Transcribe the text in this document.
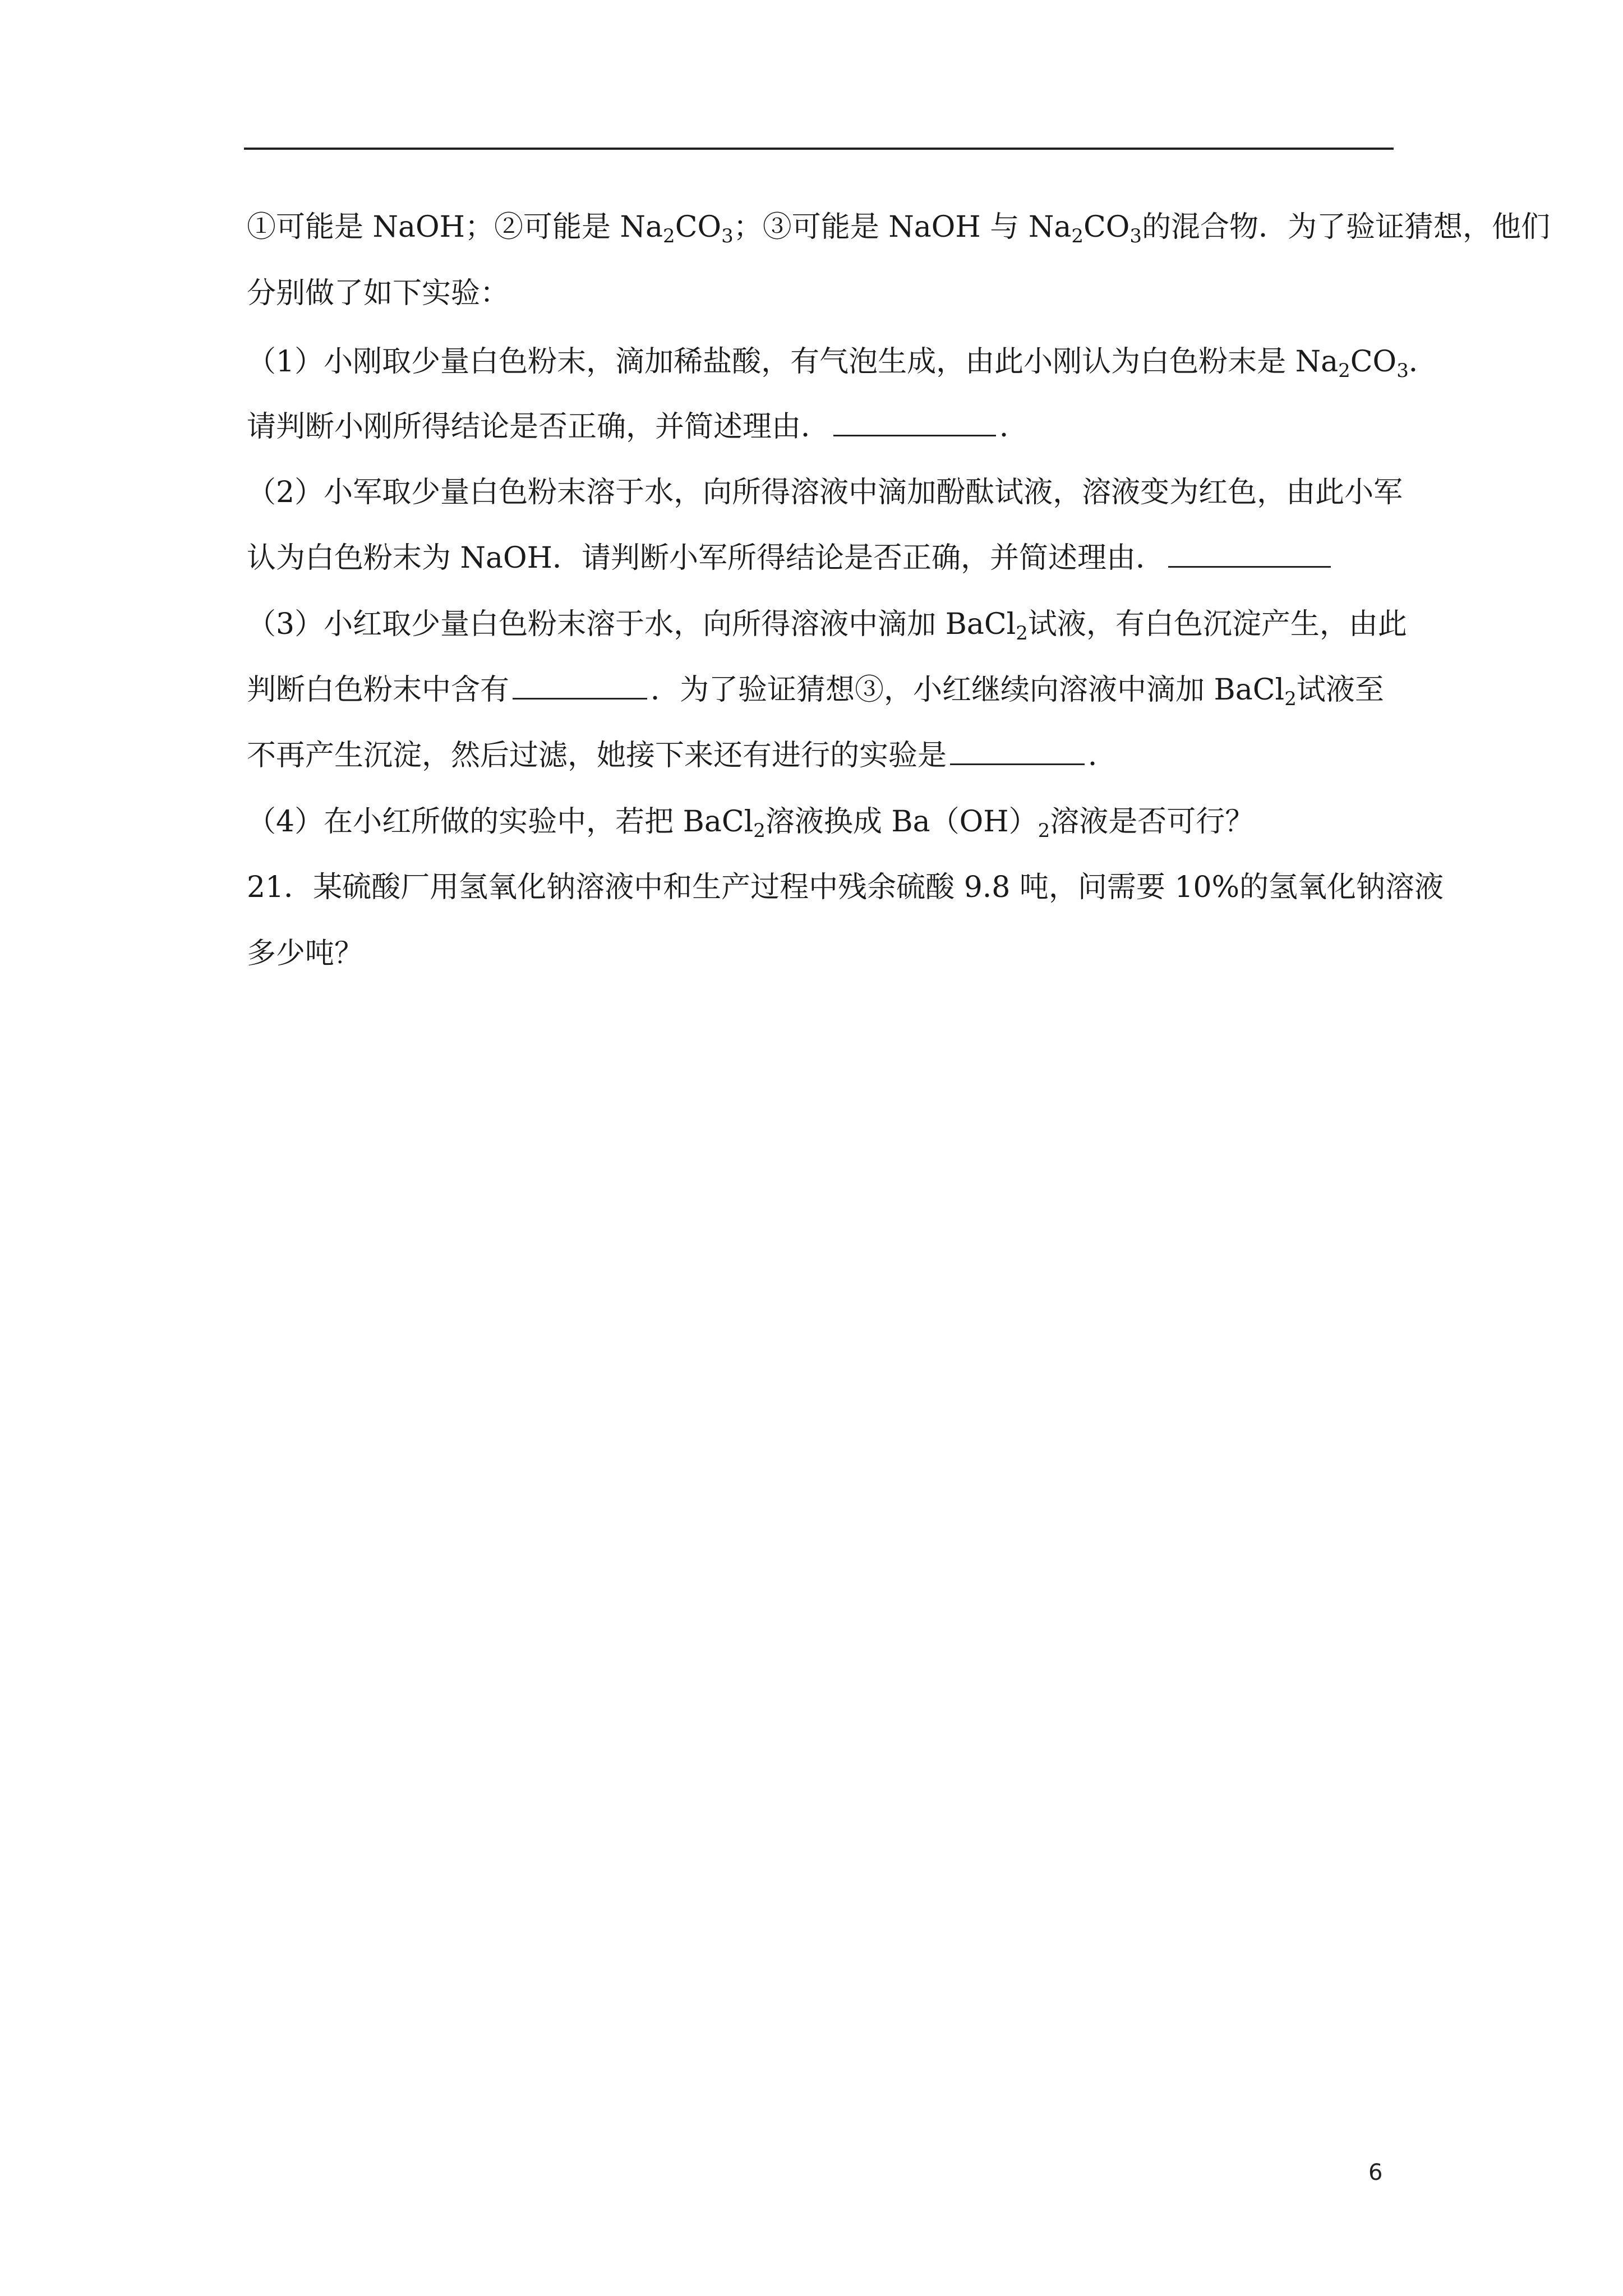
①可能是 NaOH；②可能是 $Na_2CO_3$；③可能是 NaOH 与 $Na_2CO_3$的混合物．为了验证猜想，他们
分别做了如下实验：
（1）小刚取少量白色粉末，滴加稀盐酸，有气泡生成，由此小刚认为白色粉末是 $Na_2CO_3$．
请判断小刚所得结论是否正确，并简述理由．	．
（2）小军取少量白色粉末溶于水，向所得溶液中滴加酚酞试液，溶液变为红色，由此小军
认为白色粉末为 NaOH．请判断小军所得结论是否正确，并简述理由．
（3）小红取少量白色粉末溶于水，向所得溶液中滴加 BaCl$_2$试液，有白色沉淀产生，由此
判断白色粉末中含有	．为了验证猜想③，小红继续向溶液中滴加 BaCl$_2$试液至
不再产生沉淀，然后过滤，她接下来还有进行的实验是	．
（4）在小红所做的实验中，若把 BaCl$_2$溶液换成 $Ba(OH)_2$溶液是否可行？
21．某硫酸厂用氢氧化钠溶液中和生产过程中残余硫酸 9.8 吨，问需要 10%的氢氧化钠溶液
多少吨？
6
